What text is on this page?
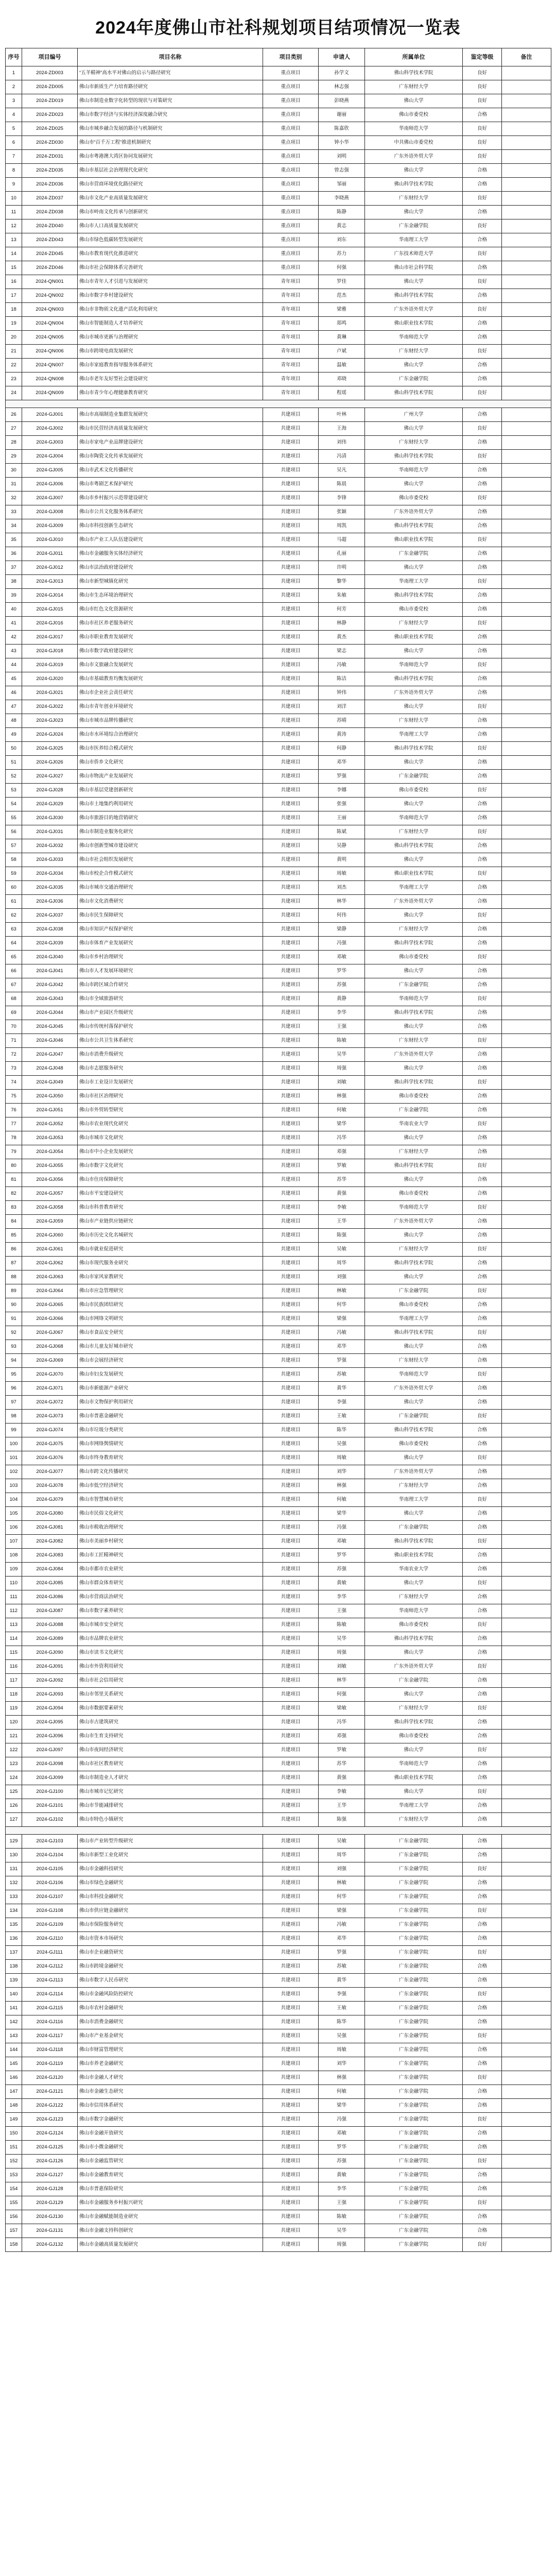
2024年度佛山市社科规划项目结项情况一览表
序号	项目编号	项目名称	项目类别	申请人	所属单位	鉴定等级	备注
1	2024-ZD003	“五羊精神”高水平对佛山的启示与路径研究	重点项目	孙学文	佛山科学技术学院	良好	
2	2024-ZD005	佛山市新质生产力培育路径研究	重点项目	林志强	广东财经大学	良好	
3	2024-ZD019	佛山市制造业数字化转型的现状与对策研究	重点项目	彭晓燕	佛山大学	良好	
4	2024-ZD023	佛山市数字经济与实体经济深度融合研究	重点项目	谢丽	佛山市委党校	合格	
5	2024-ZD025	佛山市城乡融合发展的路径与机制研究	重点项目	陈嘉欣	华南师范大学	良好	
6	2024-ZD030	佛山市“百千万工程”推进机制研究	重点项目	钟小华	中共佛山市委党校	良好	
7	2024-ZD031	佛山市粤港澳大湾区协同发展研究	重点项目	刘明	广东外语外贸大学	良好	
8	2024-ZD035	佛山市基层社会治理现代化研究	重点项目	曾志强	佛山大学	合格	
9	2024-ZD036	佛山市营商环境优化路径研究	重点项目	邹丽	佛山科学技术学院	合格	
10	2024-ZD037	佛山市文化产业高质量发展研究	重点项目	李晓燕	广东财经大学	良好	
11	2024-ZD038	佛山市岭南文化传承与创新研究	重点项目	陈静	佛山大学	合格	
12	2024-ZD040	佛山市人口高质量发展研究	重点项目	黄志	广东金融学院	良好	
13	2024-ZD043	佛山市绿色低碳转型发展研究	重点项目	刘东	华南理工大学	合格	
14	2024-ZD045	佛山市教育现代化推进研究	重点项目	苏力	广东技术师范大学	良好	
15	2024-ZD046	佛山市社会保障体系完善研究	重点项目	何强	佛山市社会科学院	合格	
16	2024-QN001	佛山市青年人才引进与发展研究	青年项目	罗佳	佛山大学	良好	
17	2024-QN002	佛山市数字乡村建设研究	青年项目	范杰	佛山科学技术学院	合格	
18	2024-QN003	佛山市非物质文化遗产活化利用研究	青年项目	梁雅	广东外语外贸大学	良好	
19	2024-QN004	佛山市智能制造人才培养研究	青年项目	郑鸣	佛山职业技术学院	合格	
20	2024-QN005	佛山市城市更新与治理研究	青年项目	黄琳	华南师范大学	合格	
21	2024-QN006	佛山市跨境电商发展研究	青年项目	卢斌	广东财经大学	良好	
22	2024-QN007	佛山市家庭教育指导服务体系研究	青年项目	温敏	佛山大学	合格	
23	2024-QN008	佛山市老年友好型社会建设研究	青年项目	邓晓	广东金融学院	合格	
24	2024-QN009	佛山市青少年心理健康教育研究	青年项目	程瑶	佛山科学技术学院	良好	

26	2024-GJ001	佛山市高端制造业集群发展研究	共建项目	叶林	广州大学	合格	
27	2024-GJ002	佛山市民营经济高质量发展研究	共建项目	王海	佛山大学	良好	
28	2024-GJ003	佛山市家电产业品牌建设研究	共建项目	刘伟	广东财经大学	合格	
29	2024-GJ004	佛山市陶瓷文化传承发展研究	共建项目	冯清	佛山科学技术学院	良好	
30	2024-GJ005	佛山市武术文化传播研究	共建项目	吴凡	华南师范大学	合格	
31	2024-GJ006	佛山市粤剧艺术保护研究	共建项目	陈晨	佛山大学	合格	
32	2024-GJ007	佛山市乡村振兴示范带建设研究	共建项目	李锋	佛山市委党校	良好	
33	2024-GJ008	佛山市公共文化服务体系研究	共建项目	张颖	广东外语外贸大学	合格	
34	2024-GJ009	佛山市科技创新生态研究	共建项目	周凯	佛山科学技术学院	合格	
35	2024-GJ010	佛山市产业工人队伍建设研究	共建项目	马超	佛山职业技术学院	良好	
36	2024-GJ011	佛山市金融服务实体经济研究	共建项目	孔丽	广东金融学院	合格	
37	2024-GJ012	佛山市法治政府建设研究	共建项目	许明	佛山大学	合格	
38	2024-GJ013	佛山市新型城镇化研究	共建项目	黎华	华南理工大学	良好	
39	2024-GJ014	佛山市生态环境治理研究	共建项目	朱敏	佛山科学技术学院	合格	
40	2024-GJ015	佛山市红色文化资源研究	共建项目	何芳	佛山市委党校	合格	
41	2024-GJ016	佛山市社区养老服务研究	共建项目	林静	广东财经大学	良好	
42	2024-GJ017	佛山市职业教育发展研究	共建项目	黄杰	佛山职业技术学院	合格	
43	2024-GJ018	佛山市数字政府建设研究	共建项目	梁志	佛山大学	合格	
44	2024-GJ019	佛山市文旅融合发展研究	共建项目	冯敏	华南师范大学	良好	
45	2024-GJ020	佛山市基础教育均衡发展研究	共建项目	陈洁	佛山科学技术学院	合格	
46	2024-GJ021	佛山市企业社会责任研究	共建项目	钟伟	广东外语外贸大学	合格	
47	2024-GJ022	佛山市青年创业环境研究	共建项目	刘洋	佛山大学	良好	
48	2024-GJ023	佛山市城市品牌传播研究	共建项目	苏晴	广东财经大学	合格	
49	2024-GJ024	佛山市水环境综合治理研究	共建项目	黄涛	华南理工大学	合格	
50	2024-GJ025	佛山市医养结合模式研究	共建项目	何静	佛山科学技术学院	良好	
51	2024-GJ026	佛山市侨乡文化研究	共建项目	邓华	佛山大学	合格	
52	2024-GJ027	佛山市物流产业发展研究	共建项目	罗强	广东金融学院	合格	
53	2024-GJ028	佛山市基层党建创新研究	共建项目	李娜	佛山市委党校	良好	
54	2024-GJ029	佛山市土地集约利用研究	共建项目	张强	佛山大学	合格	
55	2024-GJ030	佛山市旅游目的地营销研究	共建项目	王丽	华南师范大学	合格	
56	2024-GJ031	佛山市制造业服务化研究	共建项目	陈斌	广东财经大学	良好	
57	2024-GJ032	佛山市创新型城市建设研究	共建项目	吴静	佛山科学技术学院	合格	
58	2024-GJ033	佛山市社会组织发展研究	共建项目	黄明	佛山大学	合格	
59	2024-GJ034	佛山市校企合作模式研究	共建项目	周敏	佛山职业技术学院	良好	
60	2024-GJ035	佛山市城市交通治理研究	共建项目	刘杰	华南理工大学	合格	
61	2024-GJ036	佛山市文化消费研究	共建项目	林华	广东外语外贸大学	合格	
62	2024-GJ037	佛山市民生保障研究	共建项目	何伟	佛山大学	良好	
63	2024-GJ038	佛山市知识产权保护研究	共建项目	梁静	广东财经大学	合格	
64	2024-GJ039	佛山市体育产业发展研究	共建项目	冯强	佛山科学技术学院	合格	
65	2024-GJ040	佛山市乡村治理研究	共建项目	邓敏	佛山市委党校	良好	
66	2024-GJ041	佛山市人才发展环境研究	共建项目	罗华	佛山大学	合格	
67	2024-GJ042	佛山市跨区域合作研究	共建项目	苏强	广东金融学院	合格	
68	2024-GJ043	佛山市全域旅游研究	共建项目	黄静	华南师范大学	良好	
69	2024-GJ044	佛山市产业园区升级研究	共建项目	李华	佛山科学技术学院	合格	
70	2024-GJ045	佛山市传统村落保护研究	共建项目	王强	佛山大学	合格	
71	2024-GJ046	佛山市公共卫生体系研究	共建项目	陈敏	广东财经大学	良好	
72	2024-GJ047	佛山市消费升级研究	共建项目	吴华	广东外语外贸大学	合格	
73	2024-GJ048	佛山市志愿服务研究	共建项目	周强	佛山大学	合格	
74	2024-GJ049	佛山市工业设计发展研究	共建项目	刘敏	佛山科学技术学院	良好	
75	2024-GJ050	佛山市社区治理研究	共建项目	林强	佛山市委党校	合格	
76	2024-GJ051	佛山市外贸转型研究	共建项目	何敏	广东金融学院	合格	
77	2024-GJ052	佛山市农业现代化研究	共建项目	梁华	华南农业大学	良好	
78	2024-GJ053	佛山市城市文化研究	共建项目	冯华	佛山大学	合格	
79	2024-GJ054	佛山市中小企业发展研究	共建项目	邓强	广东财经大学	合格	
80	2024-GJ055	佛山市数字文化研究	共建项目	罗敏	佛山科学技术学院	良好	
81	2024-GJ056	佛山市住房保障研究	共建项目	苏华	佛山大学	合格	
82	2024-GJ057	佛山市平安建设研究	共建项目	黄强	佛山市委党校	合格	
83	2024-GJ058	佛山市科普教育研究	共建项目	李敏	华南师范大学	良好	
84	2024-GJ059	佛山市产业链供应链研究	共建项目	王华	广东外语外贸大学	合格	
85	2024-GJ060	佛山市历史文化名城研究	共建项目	陈强	佛山大学	合格	
86	2024-GJ061	佛山市就业促进研究	共建项目	吴敏	广东财经大学	良好	
87	2024-GJ062	佛山市现代服务业研究	共建项目	周华	佛山科学技术学院	合格	
88	2024-GJ063	佛山市家风家教研究	共建项目	刘强	佛山大学	合格	
89	2024-GJ064	佛山市应急管理研究	共建项目	林敏	广东金融学院	良好	
90	2024-GJ065	佛山市民族团结研究	共建项目	何华	佛山市委党校	合格	
91	2024-GJ066	佛山市网络文明研究	共建项目	梁强	华南理工大学	合格	
92	2024-GJ067	佛山市食品安全研究	共建项目	冯敏	佛山科学技术学院	良好	
93	2024-GJ068	佛山市儿童友好城市研究	共建项目	邓华	佛山大学	合格	
94	2024-GJ069	佛山市会展经济研究	共建项目	罗强	广东财经大学	合格	
95	2024-GJ070	佛山市妇女发展研究	共建项目	苏敏	华南师范大学	良好	
96	2024-GJ071	佛山市新能源产业研究	共建项目	黄华	广东外语外贸大学	合格	
97	2024-GJ072	佛山市文物保护利用研究	共建项目	李强	佛山大学	合格	
98	2024-GJ073	佛山市普惠金融研究	共建项目	王敏	广东金融学院	良好	
99	2024-GJ074	佛山市垃圾分类研究	共建项目	陈华	佛山科学技术学院	合格	
100	2024-GJ075	佛山市网络舆情研究	共建项目	吴强	佛山市委党校	合格	
101	2024-GJ076	佛山市终身教育研究	共建项目	周敏	佛山大学	良好	
102	2024-GJ077	佛山市跨文化传播研究	共建项目	刘华	广东外语外贸大学	合格	
103	2024-GJ078	佛山市低空经济研究	共建项目	林强	广东财经大学	合格	
104	2024-GJ079	佛山市智慧城市研究	共建项目	何敏	华南理工大学	良好	
105	2024-GJ080	佛山市民俗文化研究	共建项目	梁华	佛山大学	合格	
106	2024-GJ081	佛山市税收治理研究	共建项目	冯强	广东金融学院	合格	
107	2024-GJ082	佛山市美丽乡村研究	共建项目	邓敏	佛山科学技术学院	良好	
108	2024-GJ083	佛山市工匠精神研究	共建项目	罗华	佛山职业技术学院	合格	
109	2024-GJ084	佛山市都市农业研究	共建项目	苏强	华南农业大学	合格	
110	2024-GJ085	佛山市群众体育研究	共建项目	黄敏	佛山大学	良好	
111	2024-GJ086	佛山市营商法治研究	共建项目	李华	广东财经大学	合格	
112	2024-GJ087	佛山市数字素养研究	共建项目	王强	华南师范大学	合格	
113	2024-GJ088	佛山市城市安全研究	共建项目	陈敏	佛山市委党校	良好	
114	2024-GJ089	佛山市品牌农业研究	共建项目	吴华	佛山科学技术学院	合格	
115	2024-GJ090	佛山市读书文化研究	共建项目	周强	佛山大学	合格	
116	2024-GJ091	佛山市外资利用研究	共建项目	刘敏	广东外语外贸大学	良好	
117	2024-GJ092	佛山市社会信用研究	共建项目	林华	广东金融学院	合格	
118	2024-GJ093	佛山市邻里关系研究	共建项目	何强	佛山大学	合格	
119	2024-GJ094	佛山市数据要素研究	共建项目	梁敏	广东财经大学	良好	
120	2024-GJ095	佛山市古建筑研究	共建项目	冯华	佛山科学技术学院	合格	
121	2024-GJ096	佛山市生育支持研究	共建项目	邓强	佛山市委党校	合格	
122	2024-GJ097	佛山市夜间经济研究	共建项目	罗敏	佛山大学	良好	
123	2024-GJ098	佛山市社区教育研究	共建项目	苏华	华南师范大学	合格	
124	2024-GJ099	佛山市制造业人才研究	共建项目	黄强	佛山职业技术学院	合格	
125	2024-GJ100	佛山市城市记忆研究	共建项目	李敏	佛山大学	良好	
126	2024-GJ101	佛山市节能减排研究	共建项目	王华	华南理工大学	合格	
127	2024-GJ102	佛山市特色小镇研究	共建项目	陈强	广东财经大学	合格	

129	2024-GJ103	佛山市产业转型升级研究	共建项目	吴敏	广东金融学院	合格	
130	2024-GJ104	佛山市新型工业化研究	共建项目	周华	广东金融学院	合格	
131	2024-GJ105	佛山市金融科技研究	共建项目	刘强	广东金融学院	良好	
132	2024-GJ106	佛山市绿色金融研究	共建项目	林敏	广东金融学院	合格	
133	2024-GJ107	佛山市科技金融研究	共建项目	何华	广东金融学院	合格	
134	2024-GJ108	佛山市供应链金融研究	共建项目	梁强	广东金融学院	良好	
135	2024-GJ109	佛山市保险服务研究	共建项目	冯敏	广东金融学院	合格	
136	2024-GJ110	佛山市资本市场研究	共建项目	邓华	广东金融学院	合格	
137	2024-GJ111	佛山市企业融资研究	共建项目	罗强	广东金融学院	良好	
138	2024-GJ112	佛山市跨境金融研究	共建项目	苏敏	广东金融学院	合格	
139	2024-GJ113	佛山市数字人民币研究	共建项目	黄华	广东金融学院	合格	
140	2024-GJ114	佛山市金融风险防控研究	共建项目	李强	广东金融学院	良好	
141	2024-GJ115	佛山市农村金融研究	共建项目	王敏	广东金融学院	合格	
142	2024-GJ116	佛山市消费金融研究	共建项目	陈华	广东金融学院	合格	
143	2024-GJ117	佛山市产业基金研究	共建项目	吴强	广东金融学院	良好	
144	2024-GJ118	佛山市财富管理研究	共建项目	周敏	广东金融学院	合格	
145	2024-GJ119	佛山市养老金融研究	共建项目	刘华	广东金融学院	合格	
146	2024-GJ120	佛山市金融人才研究	共建项目	林强	广东金融学院	良好	
147	2024-GJ121	佛山市金融生态研究	共建项目	何敏	广东金融学院	合格	
148	2024-GJ122	佛山市信用体系研究	共建项目	梁华	广东金融学院	合格	
149	2024-GJ123	佛山市数字金融研究	共建项目	冯强	广东金融学院	良好	
150	2024-GJ124	佛山市金融开放研究	共建项目	邓敏	广东金融学院	合格	
151	2024-GJ125	佛山市小微金融研究	共建项目	罗华	广东金融学院	合格	
152	2024-GJ126	佛山市金融监管研究	共建项目	苏强	广东金融学院	良好	
153	2024-GJ127	佛山市金融教育研究	共建项目	黄敏	广东金融学院	合格	
154	2024-GJ128	佛山市普惠保险研究	共建项目	李华	广东金融学院	合格	
155	2024-GJ129	佛山市金融服务乡村振兴研究	共建项目	王强	广东金融学院	良好	
156	2024-GJ130	佛山市金融赋能制造业研究	共建项目	陈敏	广东金融学院	合格	
157	2024-GJ131	佛山市金融支持科创研究	共建项目	吴华	广东金融学院	合格	
158	2024-GJ132	佛山市金融高质量发展研究	共建项目	周强	广东金融学院	良好	
